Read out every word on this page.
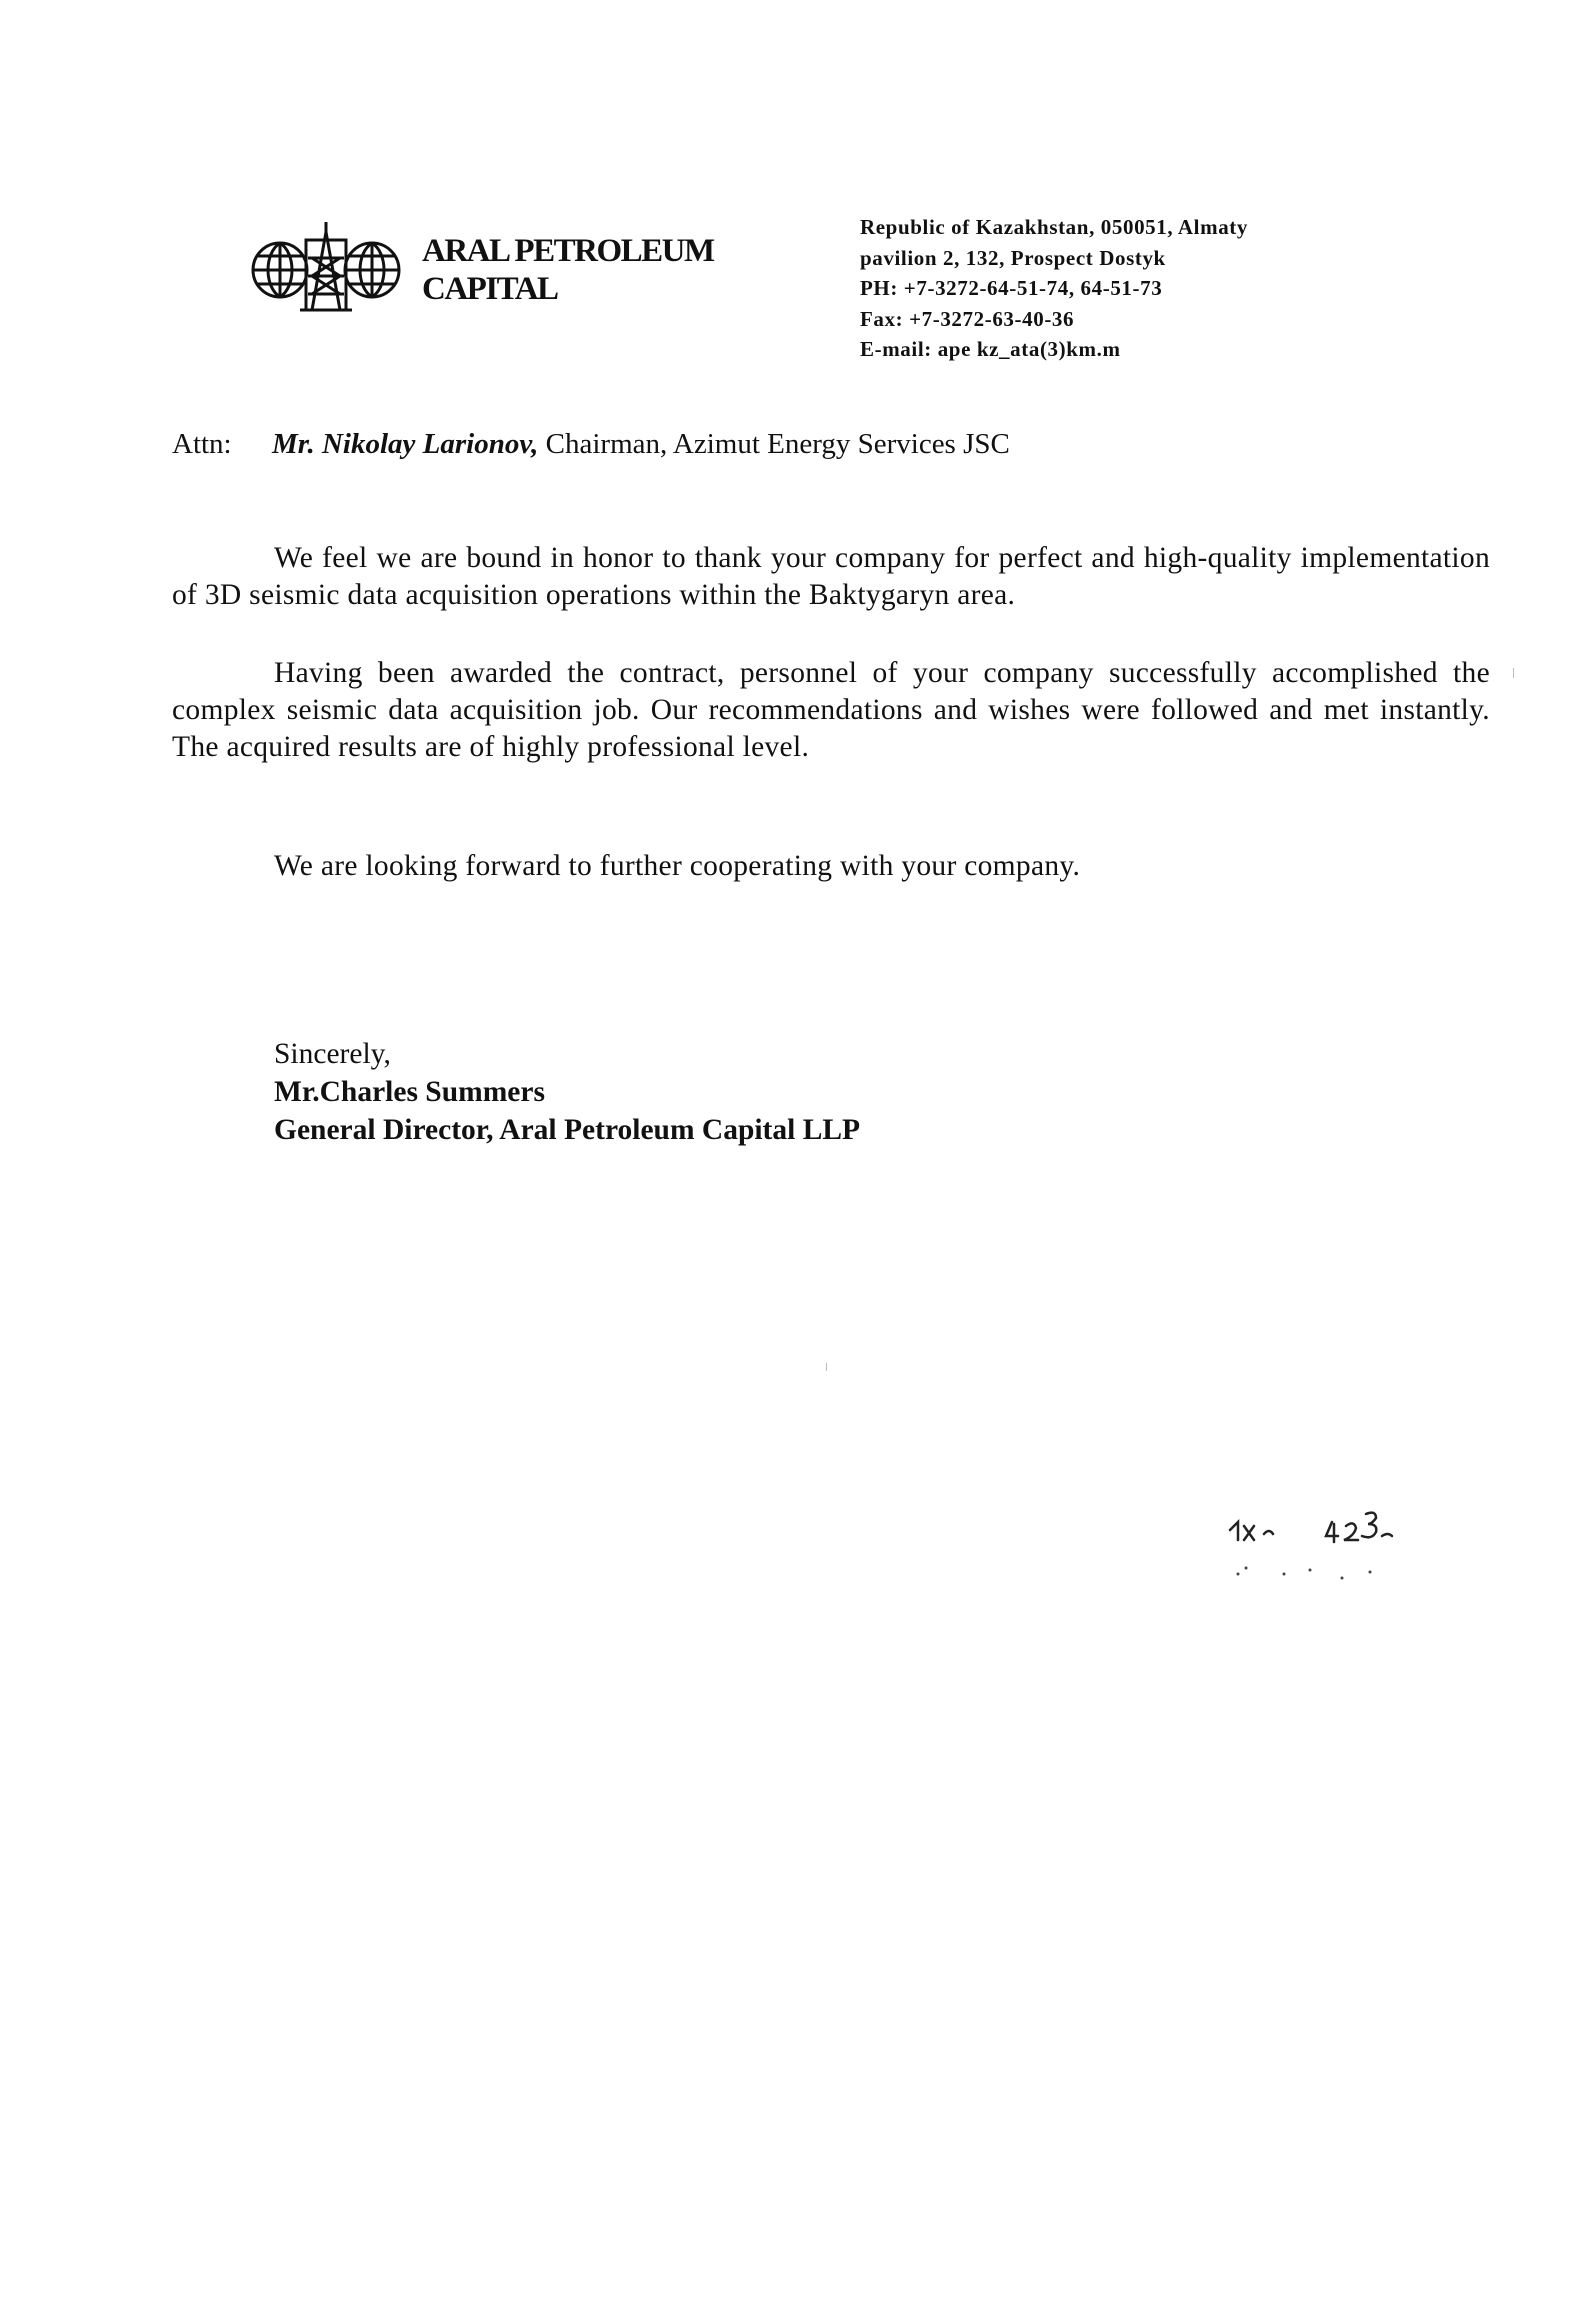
ARAL PETROLEUM
CAPITAL
Republic of Kazakhstan, 050051, Almaty
pavilion 2, 132, Prospect Dostyk
PH: +7-3272-64-51-74, 64-51-73
Fax: +7-3272-63-40-36
E-mail: ape kz_ata(3)km.m
Attn: Mr. Nikolay Larionov, Chairman, Azimut Energy Services JSC
We feel we are bound in honor to thank your company for perfect and high-quality implementation of 3D seismic data acquisition operations within the Baktygaryn area.
Having been awarded the contract, personnel of your company successfully accomplished the complex seismic data acquisition job. Our recommendations and wishes were followed and met instantly. The acquired results are of highly professional level.
We are looking forward to further cooperating with your company.
Sincerely,
Mr.Charles Summers
General Director, Aral Petroleum Capital LLP
